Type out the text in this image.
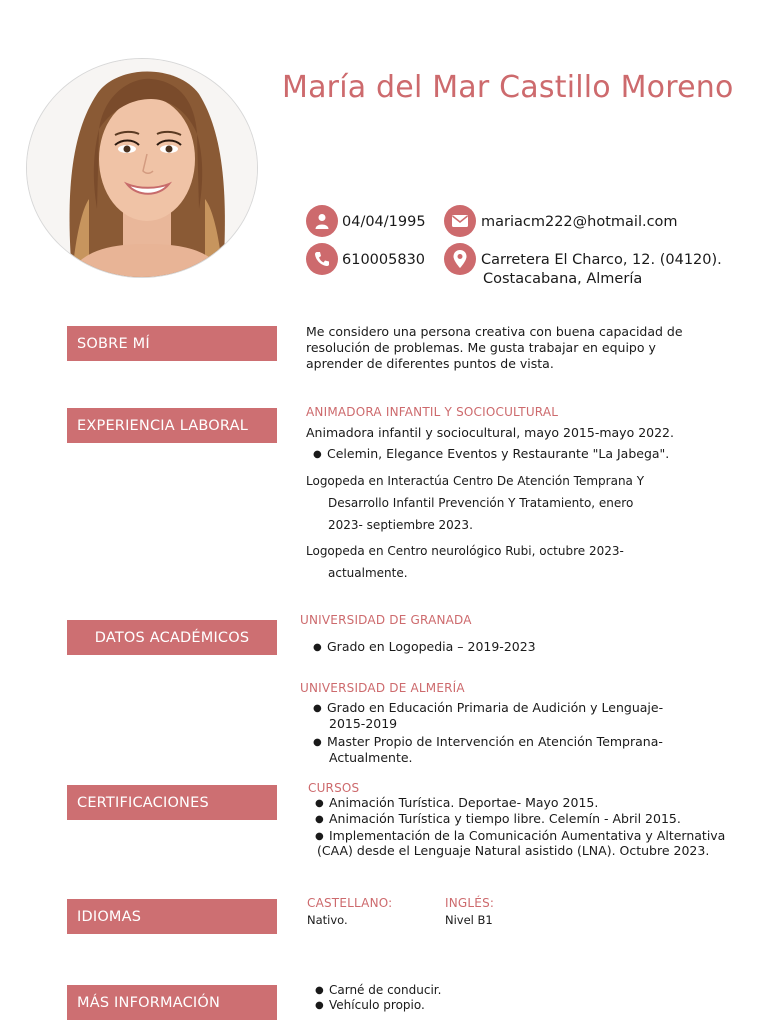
María del Mar Castillo Moreno
04/04/1995	mariacm222@hotmail.com
610005830	Carretera El Charco, 12. (04120).
Costacabana, Almería
SOBRE MÍ
Me considero una persona creativa con buena capacidad de
resolución de problemas. Me gusta trabajar en equipo y
aprender de diferentes puntos de vista.
EXPERIENCIA LABORAL
ANIMADORA INFANTIL Y SOCIOCULTURAL
Animadora infantil y sociocultural, mayo 2015-mayo 2022.
● Celemin, Elegance Eventos y Restaurante "La Jabega".
Logopeda en Interactúa Centro De Atención Temprana Y
Desarrollo Infantil Prevención Y Tratamiento, enero
2023- septiembre 2023.
Logopeda en Centro neurológico Rubi, octubre 2023-
actualmente.
DATOS ACADÉMICOS
UNIVERSIDAD DE GRANADA
● Grado en Logopedia – 2019-2023
UNIVERSIDAD DE ALMERÍA
● Grado en Educación Primaria de Audición y Lenguaje-
2015-2019
● Master Propio de Intervención en Atención Temprana-
Actualmente.
CERTIFICACIONES
CURSOS
● Animación Turística. Deportae- Mayo 2015.
● Animación Turística y tiempo libre. Celemín - Abril 2015.
● Implementación de la Comunicación Aumentativa y Alternativa
(CAA) desde el Lenguaje Natural asistido (LNA). Octubre 2023.
IDIOMAS
CASTELLANO:
Nativo.
INGLÉS:
Nivel B1
MÁS INFORMACIÓN
● Carné de conducir.
● Vehículo propio.
